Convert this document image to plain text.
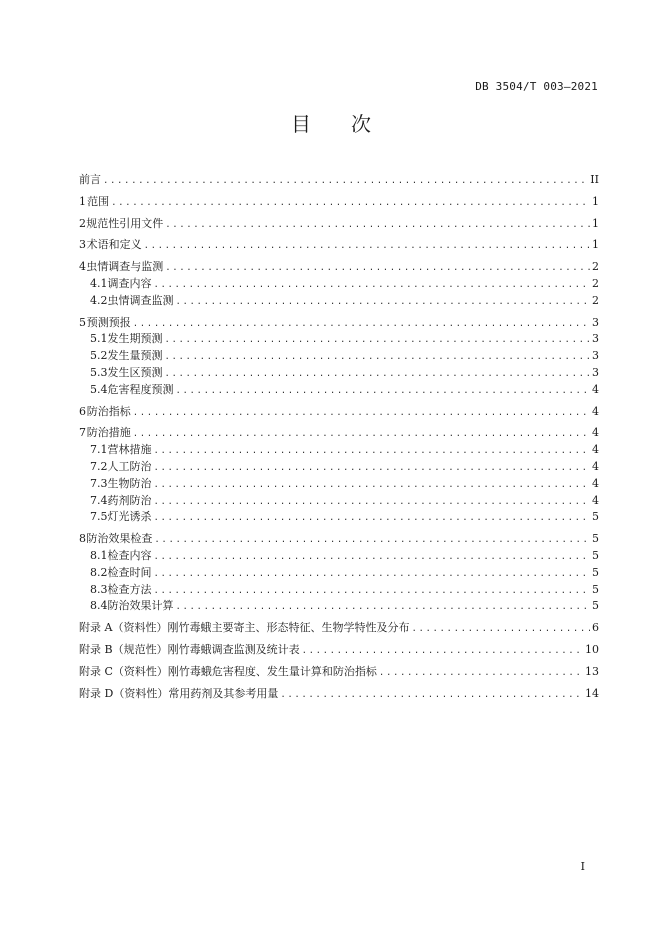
DB 3504/T 003—2021
目 次
前言 .....	II
1 范围 .....	1
2 规范性引用文件 .....	1
3 术语和定义 .....	1
4 虫情调查与监测 .....	2
4.1 调查内容 .....	2
4.2 虫情调查监测 .....	2
5 预测预报 .....	3
5.1 发生期预测 .....	3
5.2 发生量预测 .....	3
5.3 发生区预测 .....	3
5.4 危害程度预测 .....	4
6 防治指标 .....	4
7 防治措施 .....	4
7.1 营林措施 .....	4
7.2 人工防治 .....	4
7.3 生物防治 .....	4
7.4 药剂防治 .....	4
7.5 灯光诱杀 .....	5
8 防治效果检查 .....	5
8.1 检查内容 .....	5
8.2 检查时间 .....	5
8.3 检查方法 .....	5
8.4 防治效果计算 .....	5
附录 A（资料性） 刚竹毒蛾主要寄主、形态特征、生物学特性及分布 .....	6
附录 B（规范性） 刚竹毒蛾调查监测及统计表 .....	10
附录 C（资料性） 刚竹毒蛾危害程度、发生量计算和防治指标 .....	13
附录 D（资料性） 常用药剂及其参考用量 .....	14
I
